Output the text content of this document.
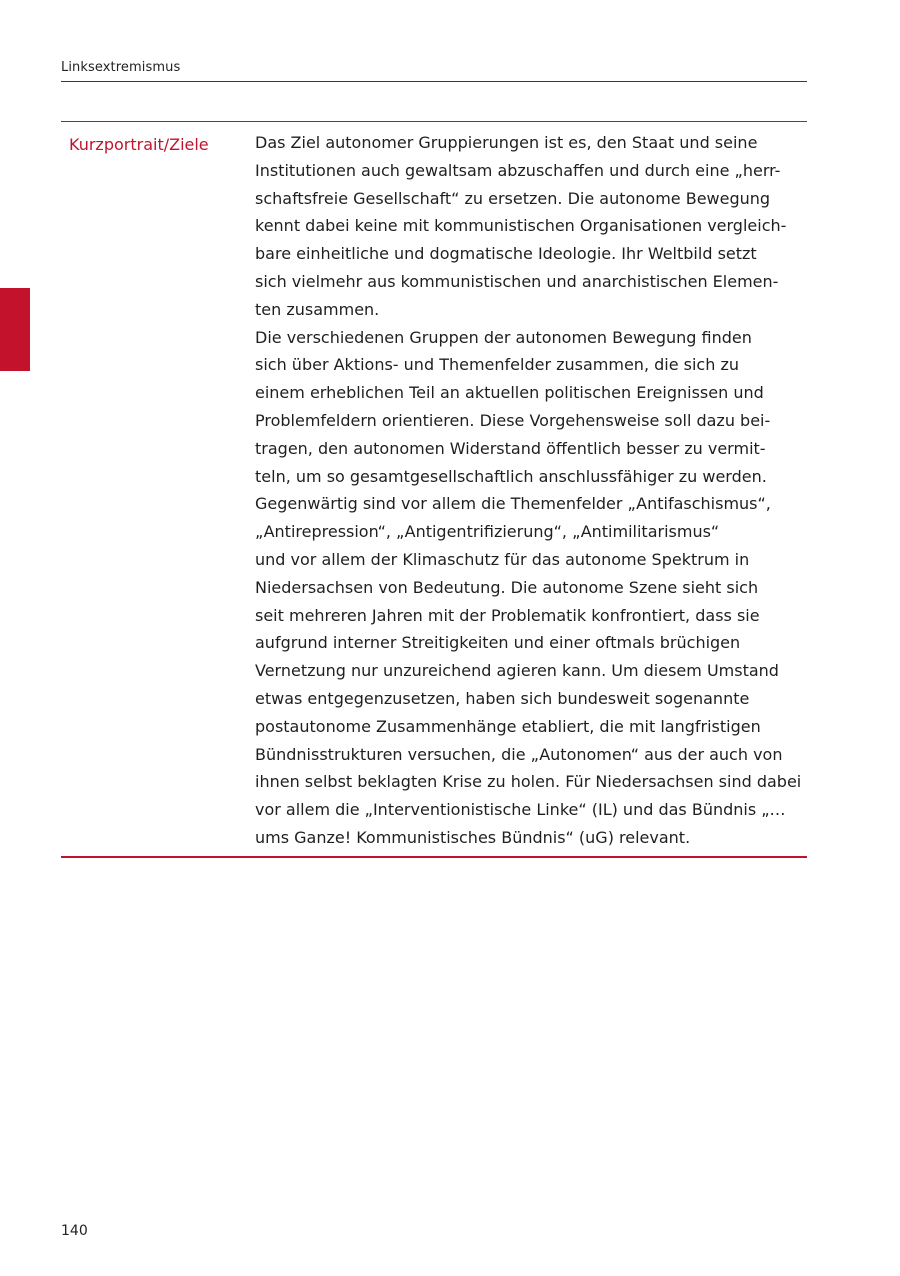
Linksextremismus
Kurzportrait/Ziele	Das Ziel autonomer Gruppierungen ist es, den Staat und seine
Institutionen auch gewaltsam abzuschaffen und durch eine „herr-
schaftsfreie Gesellschaft“ zu ersetzen. Die autonome Bewegung
kennt dabei keine mit kommunistischen Organisationen vergleich-
bare einheitliche und dogmatische Ideologie. Ihr Weltbild setzt
sich vielmehr aus kommunistischen und anarchistischen Elemen-
ten zusammen.
Die verschiedenen Gruppen der autonomen Bewegung finden
sich über Aktions- und Themenfelder zusammen, die sich zu
einem erheblichen Teil an aktuellen politischen Ereignissen und
Problemfeldern orientieren. Diese Vorgehensweise soll dazu bei-
tragen, den autonomen Widerstand öffentlich besser zu vermit-
teln, um so gesamtgesellschaftlich anschlussfähiger zu werden.
Gegenwärtig sind vor allem die Themenfelder „Antifaschismus“,
„Antirepression“, „Antigentrifizierung“, „Antimilitarismus“
und vor allem der Klimaschutz für das autonome Spektrum in
Niedersachsen von Bedeutung. Die autonome Szene sieht sich
seit mehreren Jahren mit der Problematik konfrontiert, dass sie
aufgrund interner Streitigkeiten und einer oftmals brüchigen
Vernetzung nur unzureichend agieren kann. Um diesem Umstand
etwas entgegenzusetzen, haben sich bundesweit sogenannte
postautonome Zusammenhänge etabliert, die mit langfristigen
Bündnisstrukturen versuchen, die „Autonomen“ aus der auch von
ihnen selbst beklagten Krise zu holen. Für Niedersachsen sind dabei
vor allem die „Interventionistische Linke“ (IL) und das Bündnis „…
ums Ganze! Kommunistisches Bündnis“ (uG) relevant.
140
